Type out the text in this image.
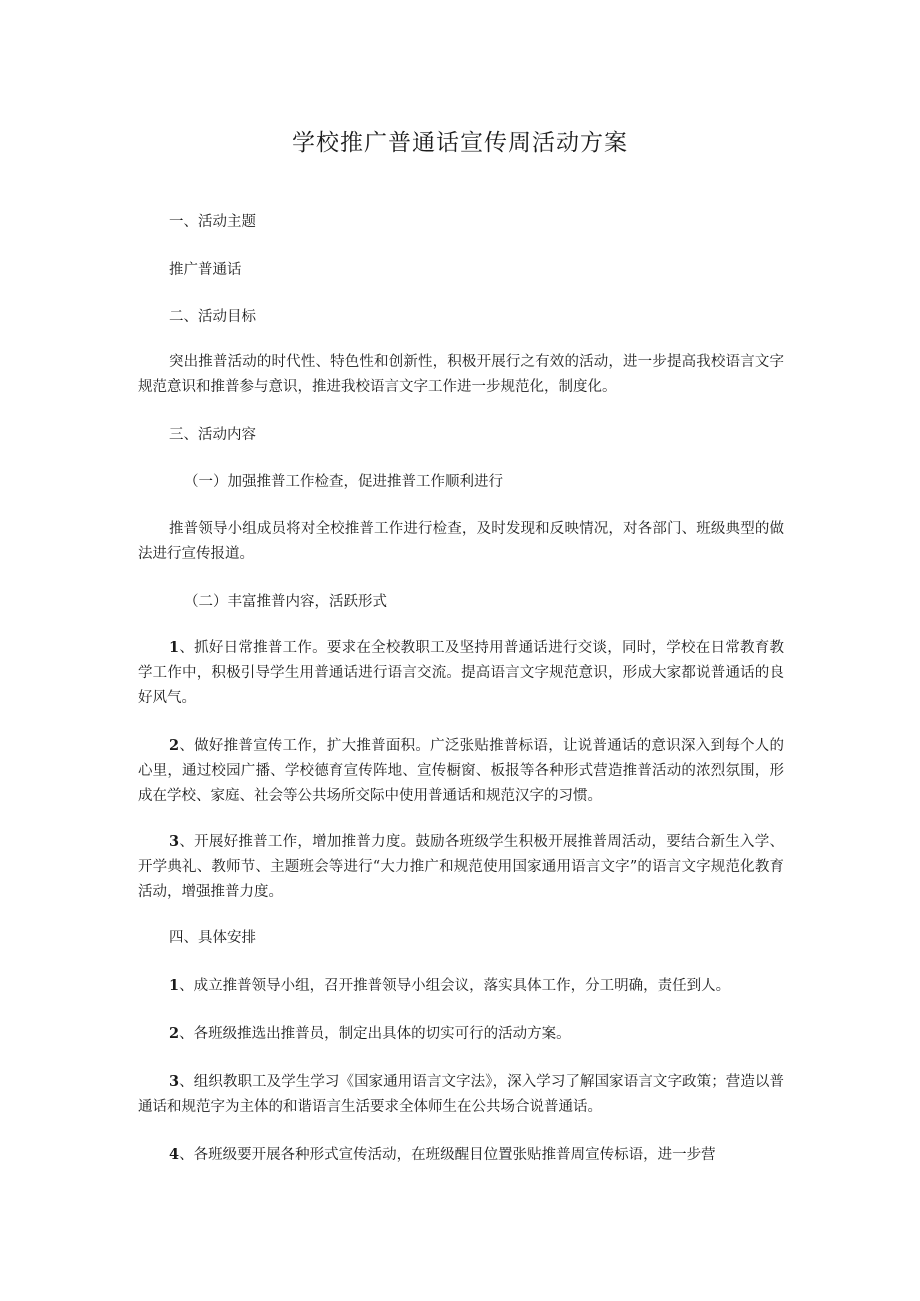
学校推广普通话宣传周活动方案

一、活动主题

推广普通话

二、活动目标

突出推普活动的时代性、特色性和创新性，积极开展行之有效的活动，进一步提高我校语言文字规范意识和推普参与意识，推进我校语言文字工作进一步规范化，制度化。

三、活动内容

（一）加强推普工作检查，促进推普工作顺利进行

推普领导小组成员将对全校推普工作进行检查，及时发现和反映情况，对各部门、班级典型的做法进行宣传报道。

（二）丰富推普内容，活跃形式

1、抓好日常推普工作。要求在全校教职工及坚持用普通话进行交谈，同时，学校在日常教育教学工作中，积极引导学生用普通话进行语言交流。提高语言文字规范意识，形成大家都说普通话的良好风气。

2、做好推普宣传工作，扩大推普面积。广泛张贴推普标语，让说普通话的意识深入到每个人的心里，通过校园广播、学校德育宣传阵地、宣传橱窗、板报等各种形式营造推普活动的浓烈氛围，形成在学校、家庭、社会等公共场所交际中使用普通话和规范汉字的习惯。

3、开展好推普工作，增加推普力度。鼓励各班级学生积极开展推普周活动，要结合新生入学、开学典礼、教师节、主题班会等进行“大力推广和规范使用国家通用语言文字”的语言文字规范化教育活动，增强推普力度。

四、具体安排

1、成立推普领导小组，召开推普领导小组会议，落实具体工作，分工明确，责任到人。

2、各班级推选出推普员，制定出具体的切实可行的活动方案。

3、组织教职工及学生学习《国家通用语言文字法》，深入学习了解国家语言文字政策；营造以普通话和规范字为主体的和谐语言生活要求全体师生在公共场合说普通话。

4、各班级要开展各种形式宣传活动，在班级醒目位置张贴推普周宣传标语，进一步营
